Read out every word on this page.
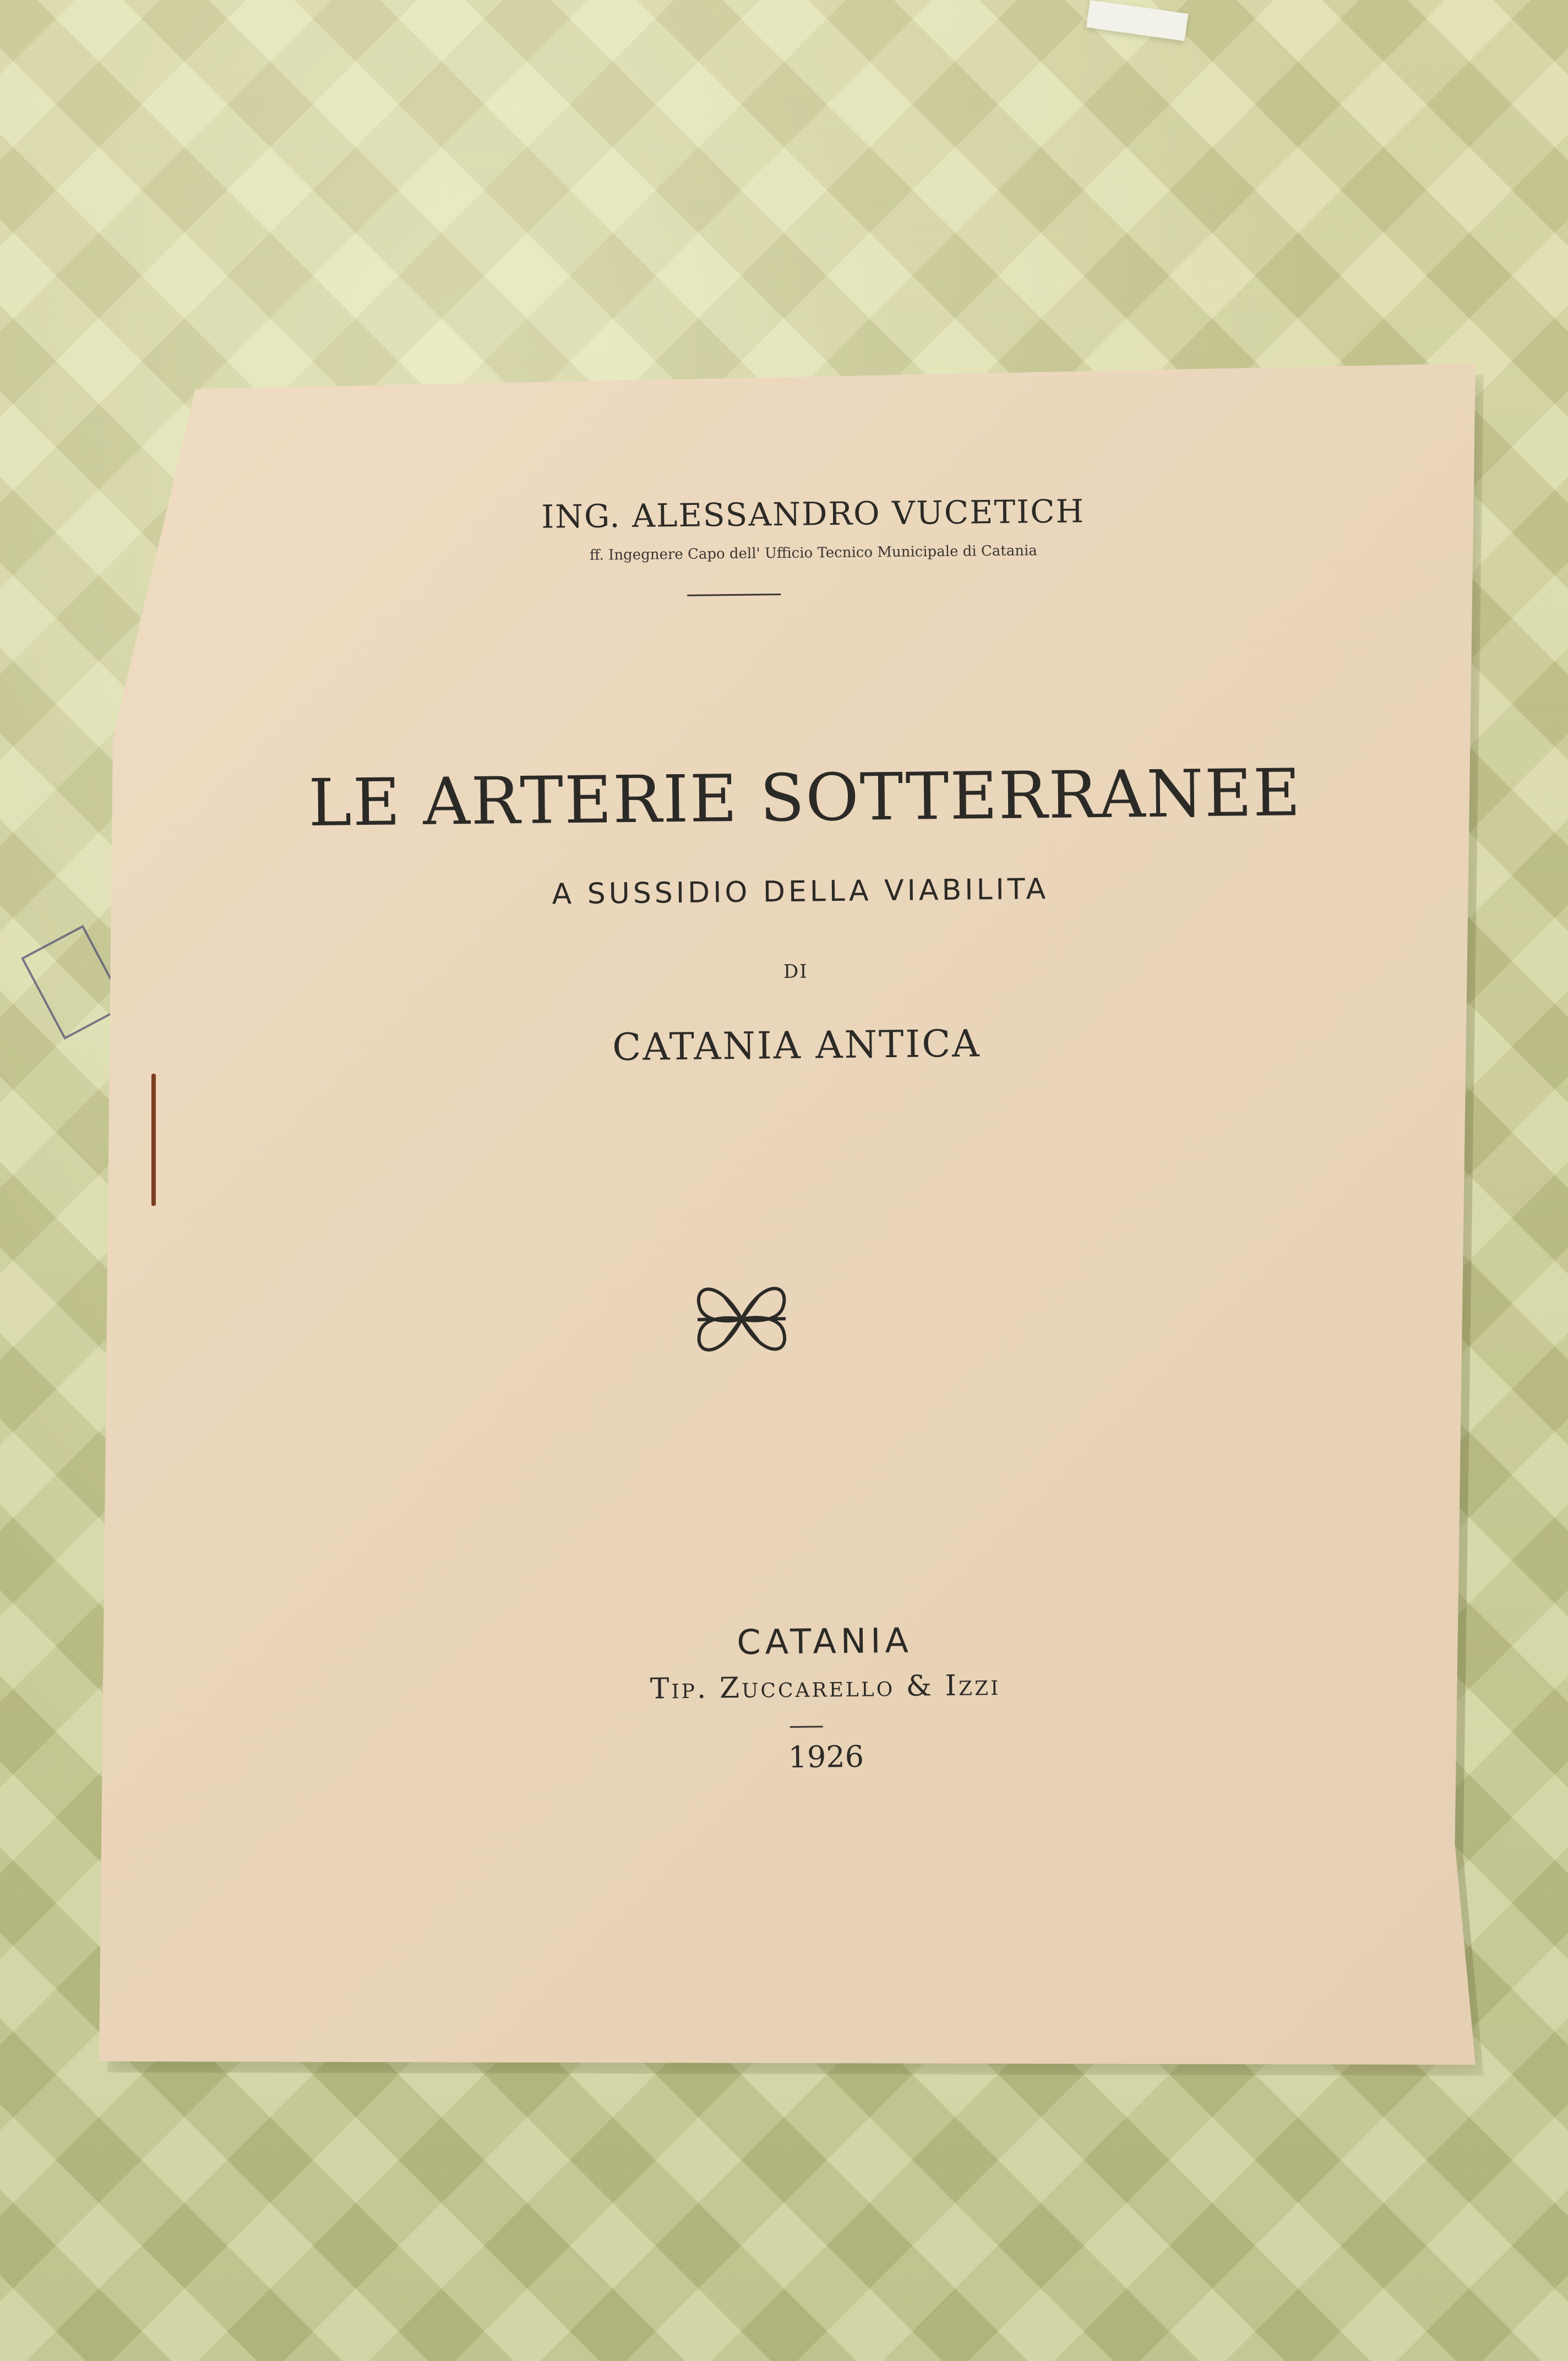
ING. ALESSANDRO VUCETICH
ff. Ingegnere Capo dell' Ufficio Tecnico Municipale di Catania
LE ARTERIE SOTTERRANEE
A SUSSIDIO DELLA VIABILITA
DI
CATANIA ANTICA
CATANIA
Tip. Zuccarello & Izzi
1926
